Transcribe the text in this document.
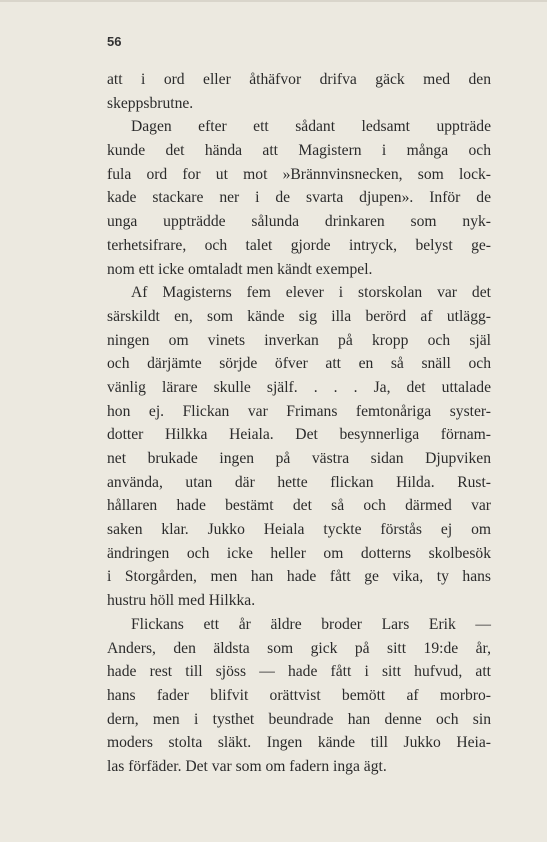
56
att i ord eller åthäfvor drifva gäck med den
skeppsbrutne.
Dagen efter ett sådant ledsamt uppträde
kunde det hända att Magistern i många och
fula ord for ut mot »Brännvinsnecken, som lock-
kade stackare ner i de svarta djupen». Inför de
unga uppträdde sålunda drinkaren som nyk-
terhetsifrare, och talet gjorde intryck, belyst ge-
nom ett icke omtaladt men kändt exempel.
Af Magisterns fem elever i storskolan var det
särskildt en, som kände sig illa berörd af utlägg-
ningen om vinets inverkan på kropp och själ
och därjämte sörjde öfver att en så snäll och
vänlig lärare skulle själf. . . . Ja, det uttalade
hon ej. Flickan var Frimans femtonåriga syster-
dotter Hilkka Heiala. Det besynnerliga förnam-
net brukade ingen på västra sidan Djupviken
använda, utan där hette flickan Hilda. Rust-
hållaren hade bestämt det så och därmed var
saken klar. Jukko Heiala tyckte förstås ej om
ändringen och icke heller om dotterns skolbesök
i Storgården, men han hade fått ge vika, ty hans
hustru höll med Hilkka.
Flickans ett år äldre broder Lars Erik —
Anders, den äldsta som gick på sitt 19:de år,
hade rest till sjöss — hade fått i sitt hufvud, att
hans fader blifvit orättvist bemött af morbro-
dern, men i tysthet beundrade han denne och sin
moders stolta släkt. Ingen kände till Jukko Heia-
las förfäder. Det var som om fadern inga ägt.
